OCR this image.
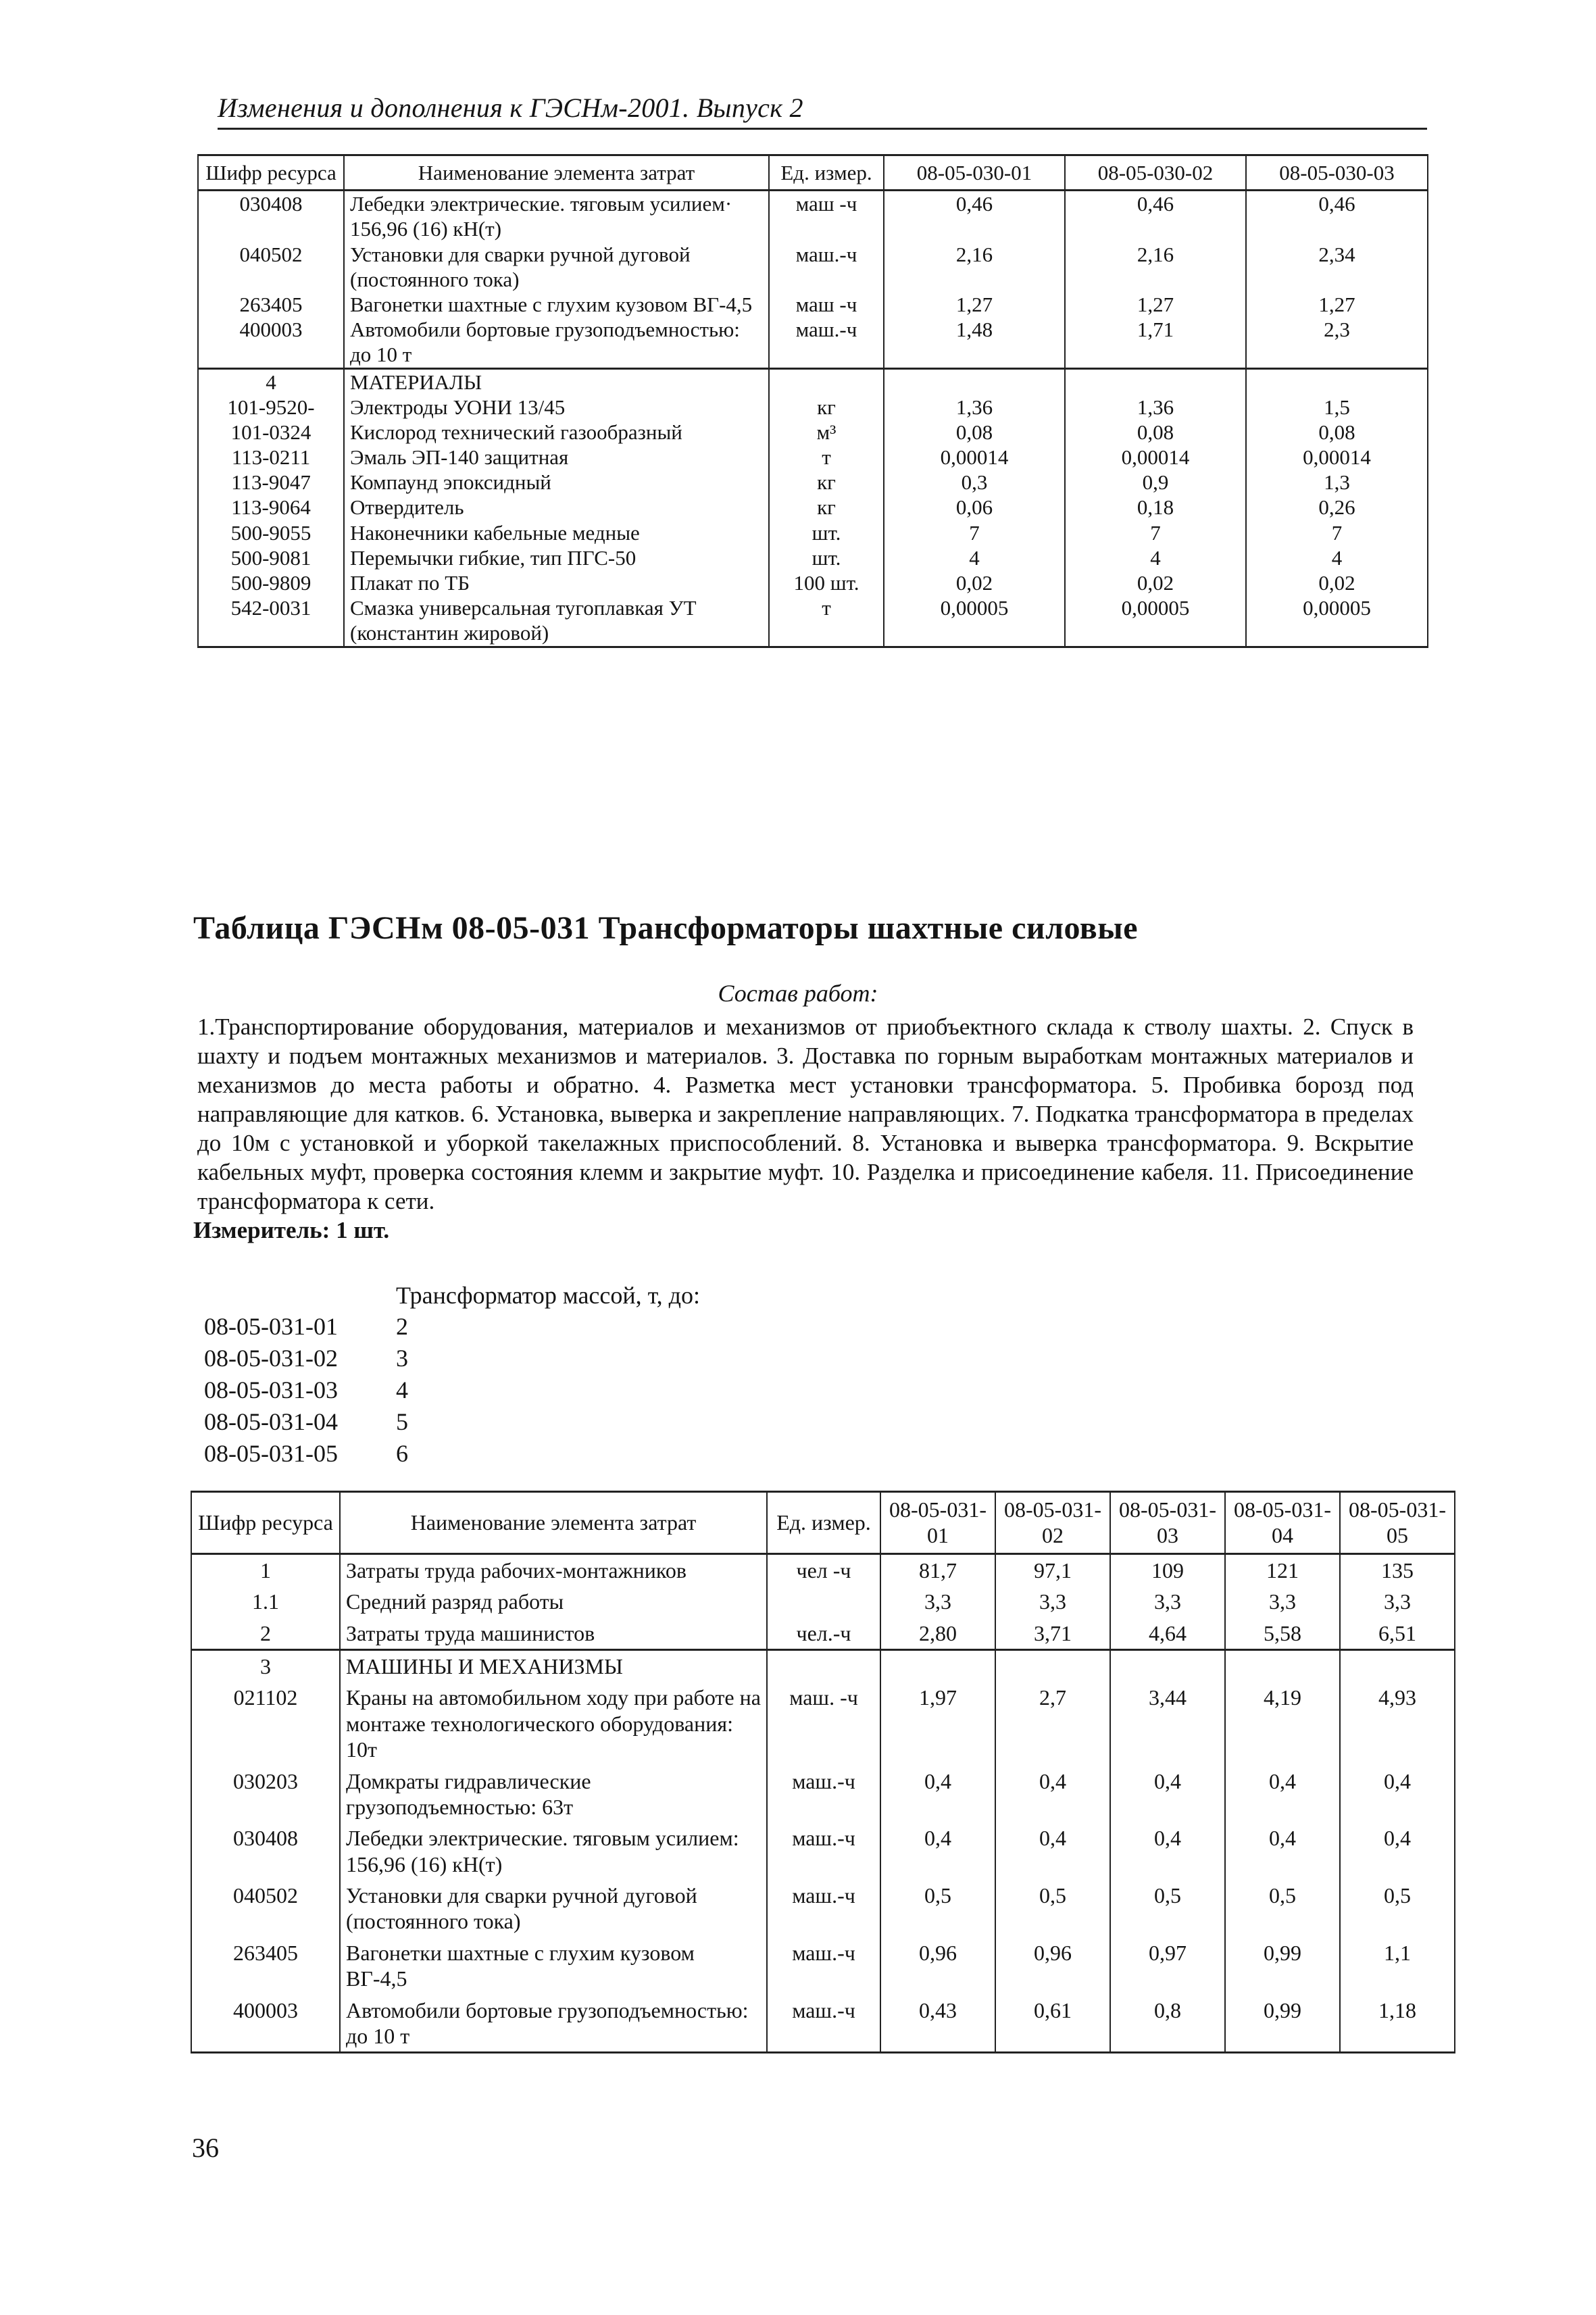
Изменения и дополнения к ГЭСНм-2001. Выпуск 2
Шифр ресурса	Наименование элемента затрат	Ед. измер.	08-05-030-01	08-05-030-02	08-05-030-03
030408	Лебедки электрические. тяговым усилием· 156,96 (16) кН(т)	маш -ч	0,46	0,46	0,46
040502	Установки для сварки ручной дуговой (постоянного тока)	маш.-ч	2,16	2,16	2,34
263405	Вагонетки шахтные с глухим кузовом ВГ-4,5	маш -ч	1,27	1,27	1,27
400003	Автомобили бортовые грузоподъемностью: до 10 т	маш.-ч	1,48	1,71	2,3
4	МАТЕРИАЛЫ				
101-9520-	Электроды УОНИ 13/45	кг	1,36	1,36	1,5
101-0324	Кислород технический газообразный	м³	0,08	0,08	0,08
113-0211	Эмаль ЭП-140 защитная	т	0,00014	0,00014	0,00014
113-9047	Компаунд эпоксидный	кг	0,3	0,9	1,3
113-9064	Отвердитель	кг	0,06	0,18	0,26
500-9055	Наконечники кабельные медные	шт.	7	7	7
500-9081	Перемычки гибкие, тип ПГС-50	шт.	4	4	4
500-9809	Плакат по ТБ	100 шт.	0,02	0,02	0,02
542-0031	Смазка универсальная тугоплавкая УТ (константин жировой)	т	0,00005	0,00005	0,00005
Таблица ГЭСНм 08-05-031 Трансформаторы шахтные силовые
Состав работ:

1.Транспортирование оборудования, материалов и механизмов от приобъектного склада к стволу шахты. 2. Спуск в шахту и подъем монтажных механизмов и материалов. 3. Доставка по горным выработкам монтажных материалов и механизмов до места работы и обратно. 4. Разметка мест установки трансформатора. 5. Пробивка борозд под направляющие для катков. 6. Установка, выверка и закрепление направляющих. 7. Подкатка трансформатора в пределах до 10м с установкой и уборкой такелажных приспособлений. 8. Установка и выверка трансформатора. 9. Вскрытие кабельных муфт, проверка состояния клемм и закрытие муфт. 10. Разделка и присоединение кабеля. 11. Присоединение трансформатора к сети.

Измеритель: 1 шт.
Трансформатор массой, т, до:
08-05-031-01	2
08-05-031-02	3
08-05-031-03	4
08-05-031-04	5
08-05-031-05	6
Шифр ресурса	Наименование элемента затрат	Ед. измер.	08-05-031-01	08-05-031-02	08-05-031-03	08-05-031-04	08-05-031-05
1	Затраты труда рабочих-монтажников	чел -ч	81,7	97,1	109	121	135
1.1	Средний разряд работы		3,3	3,3	3,3	3,3	3,3
2	Затраты труда машинистов	чел.-ч	2,80	3,71	4,64	5,58	6,51
3	МАШИНЫ И МЕХАНИЗМЫ						
021102	Краны на автомобильном ходу при работе на монтаже технологического оборудования: 10т	маш. -ч	1,97	2,7	3,44	4,19	4,93
030203	Домкраты гидравлические грузоподъемностью: 63т	маш.-ч	0,4	0,4	0,4	0,4	0,4
030408	Лебедки электрические. тяговым усилием: 156,96 (16) кН(т)	маш.-ч	0,4	0,4	0,4	0,4	0,4
040502	Установки для сварки ручной дуговой (постоянного тока)	маш.-ч	0,5	0,5	0,5	0,5	0,5
263405	Вагонетки шахтные с глухим кузовом ВГ-4,5	маш.-ч	0,96	0,96	0,97	0,99	1,1
400003	Автомобили бортовые грузоподъемностью: до 10 т	маш.-ч	0,43	0,61	0,8	0,99	1,18
36
